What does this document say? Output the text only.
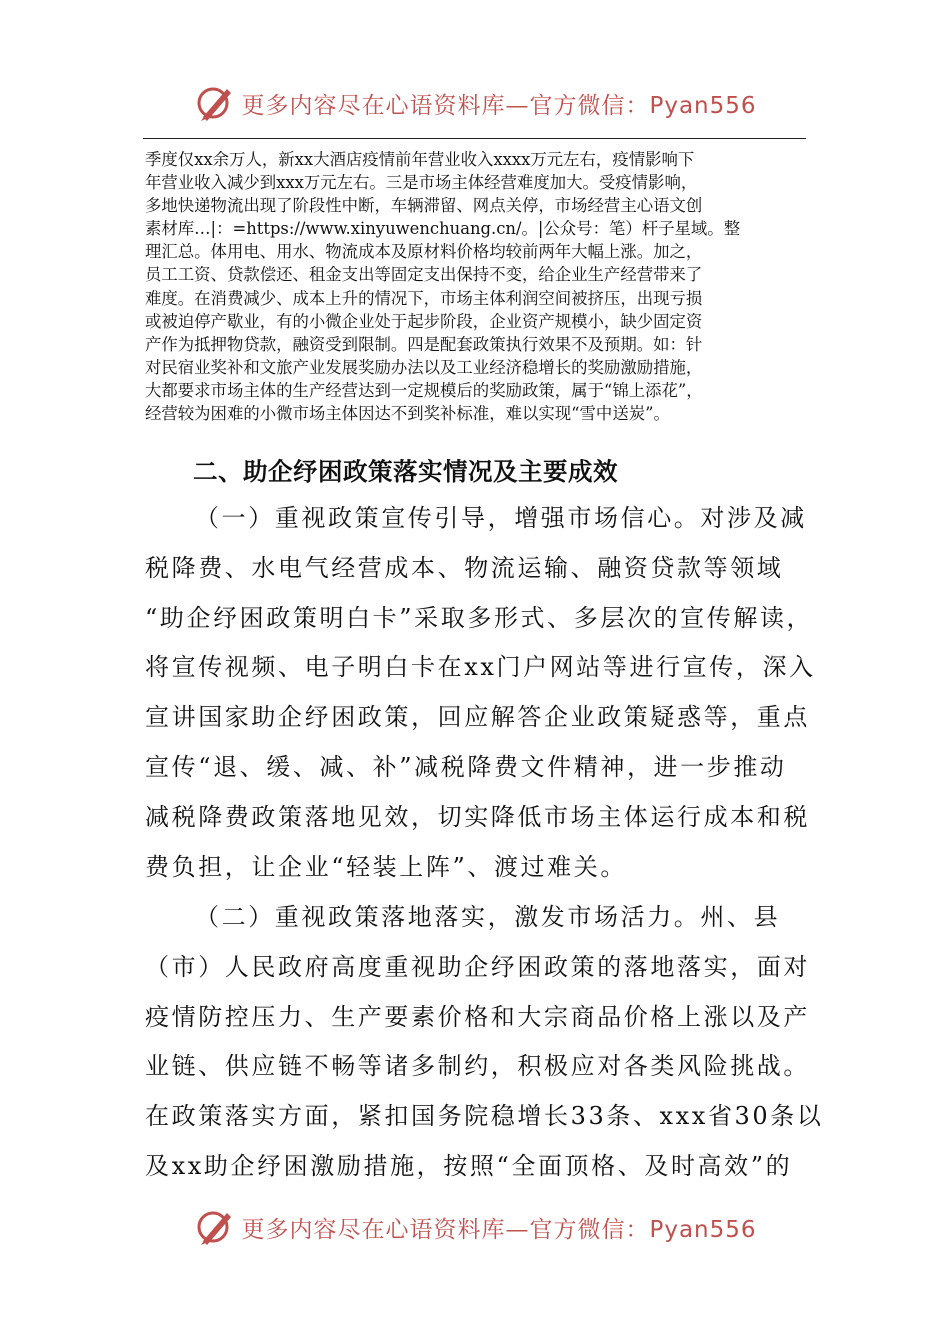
更多内容尽在心语资料库—官方微信：Pyan556
季度仅xx余万人，新xx大酒店疫情前年营业收入xxxx万元左右，疫情影响下
年营业收入减少到xxx万元左右。三是市场主体经营难度加大。受疫情影响，
多地快递物流出现了阶段性中断，车辆滞留、网点关停，市场经营主心语文创
素材库…|：=https://www.xinyuwenchuang.cn/。|公众号：笔）杆子星域。整
理汇总。体用电、用水、物流成本及原材料价格均较前两年大幅上涨。加之，
员工工资、贷款偿还、租金支出等固定支出保持不变，给企业生产经营带来了
难度。在消费减少、成本上升的情况下，市场主体利润空间被挤压，出现亏损
或被迫停产歇业，有的小微企业处于起步阶段，企业资产规模小，缺少固定资
产作为抵押物贷款，融资受到限制。四是配套政策执行效果不及预期。如：针
对民宿业奖补和文旅产业发展奖励办法以及工业经济稳增长的奖励激励措施，
大都要求市场主体的生产经营达到一定规模后的奖励政策，属于“锦上添花”，
经营较为困难的小微市场主体因达不到奖补标准，难以实现“雪中送炭”。
二、助企纾困政策落实情况及主要成效
（一）重视政策宣传引导，增强市场信心。对涉及减
税降费、水电气经营成本、物流运输、融资贷款等领域
“助企纾困政策明白卡”采取多形式、多层次的宣传解读，
将宣传视频、电子明白卡在xx门户网站等进行宣传，深入
宣讲国家助企纾困政策，回应解答企业政策疑惑等，重点
宣传“退、缓、减、补”减税降费文件精神，进一步推动
减税降费政策落地见效，切实降低市场主体运行成本和税
费负担，让企业“轻装上阵”、渡过难关。
（二）重视政策落地落实，激发市场活力。州、县
（市）人民政府高度重视助企纾困政策的落地落实，面对
疫情防控压力、生产要素价格和大宗商品价格上涨以及产
业链、供应链不畅等诸多制约，积极应对各类风险挑战。
在政策落实方面，紧扣国务院稳增长33条、xxx省30条以
及xx助企纾困激励措施，按照“全面顶格、及时高效”的
更多内容尽在心语资料库—官方微信：Pyan556
